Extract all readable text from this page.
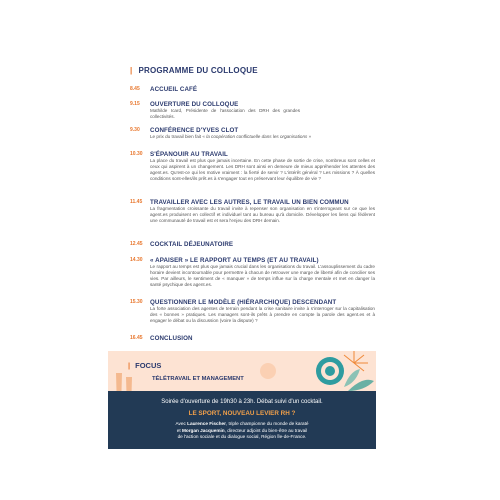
| PROGRAMME DU COLLOQUE
8.45	ACCUEIL CAFÉ
9.15	OUVERTURE DU COLLOQUE
Mathilde Icard, Présidente de l'association des DRH des grandes collectivités.
9.30	CONFÉRENCE D'YVES CLOT
Le prix du travail bien fait « la coopération conflictuelle dans les organisations »
10.30	S'ÉPANOUIR AU TRAVAIL
La place du travail est plus que jamais incertaine. En cette phase de sortie de crise, nombreux sont celles et ceux qui aspirent à un changement. Les DRH sont ainsi en demeure de mieux appréhender les attentes des agent.es. Qu'est-ce qui les motive vraiment : la fierté de servir ? L'intérêt général ? Les missions ? À quelles conditions sont-elles/ils prêt.es à s'engager tout en préservant leur équilibre de vie ?
11.45	TRAVAILLER AVEC LES AUTRES, LE TRAVAIL UN BIEN COMMUN
La fragmentation croissante du travail invite à repenser son organisation en s'interrogeant sur ce que les agent.es produisent en collectif et individuel tant au bureau qu'à domicile. Développer les liens qui fédèrent une communauté de travail est et sera l'enjeu des DRH demain.
12.45	COCKTAIL DÉJEUNATOIRE
14.30	« APAISER » LE RAPPORT AU TEMPS (ET AU TRAVAIL)
Le rapport au temps est plus que jamais crucial dans les organisations du travail. L'assouplissement du cadre horaire devient incontournable pour permettre à chacun de retrouver une marge de liberté afin de concilier ses vies. Par ailleurs, le sentiment de « manquer » de temps influe sur la charge mentale et met en danger la santé psychique des agent.es.
15.30	QUESTIONNER LE MODÈLE (HIÉRARCHIQUE) DESCENDANT
La forte association des agentes de terrain pendant la crise sanitaire invite à s'interroger sur la capitalisation des « bonnes » pratiques. Les managers sont-ils prêts à prendre en compte la parole des agent.es et à engager le débat ou la discussion (voire la dispute) ?
16.45	CONCLUSION
| FOCUS
TÉLÉTRAVAIL ET MANAGEMENT
Soirée d'ouverture de 19h30 à 23h. Débat suivi d'un cocktail.
LE SPORT, NOUVEAU LEVIER RH ?
Avec Laurence Fischer, triple championne du monde de karaté
et Morgan Jacquemin, directeur adjoint du bien-être au travail
de l'action sociale et du dialogue social, Région Île-de-France.
